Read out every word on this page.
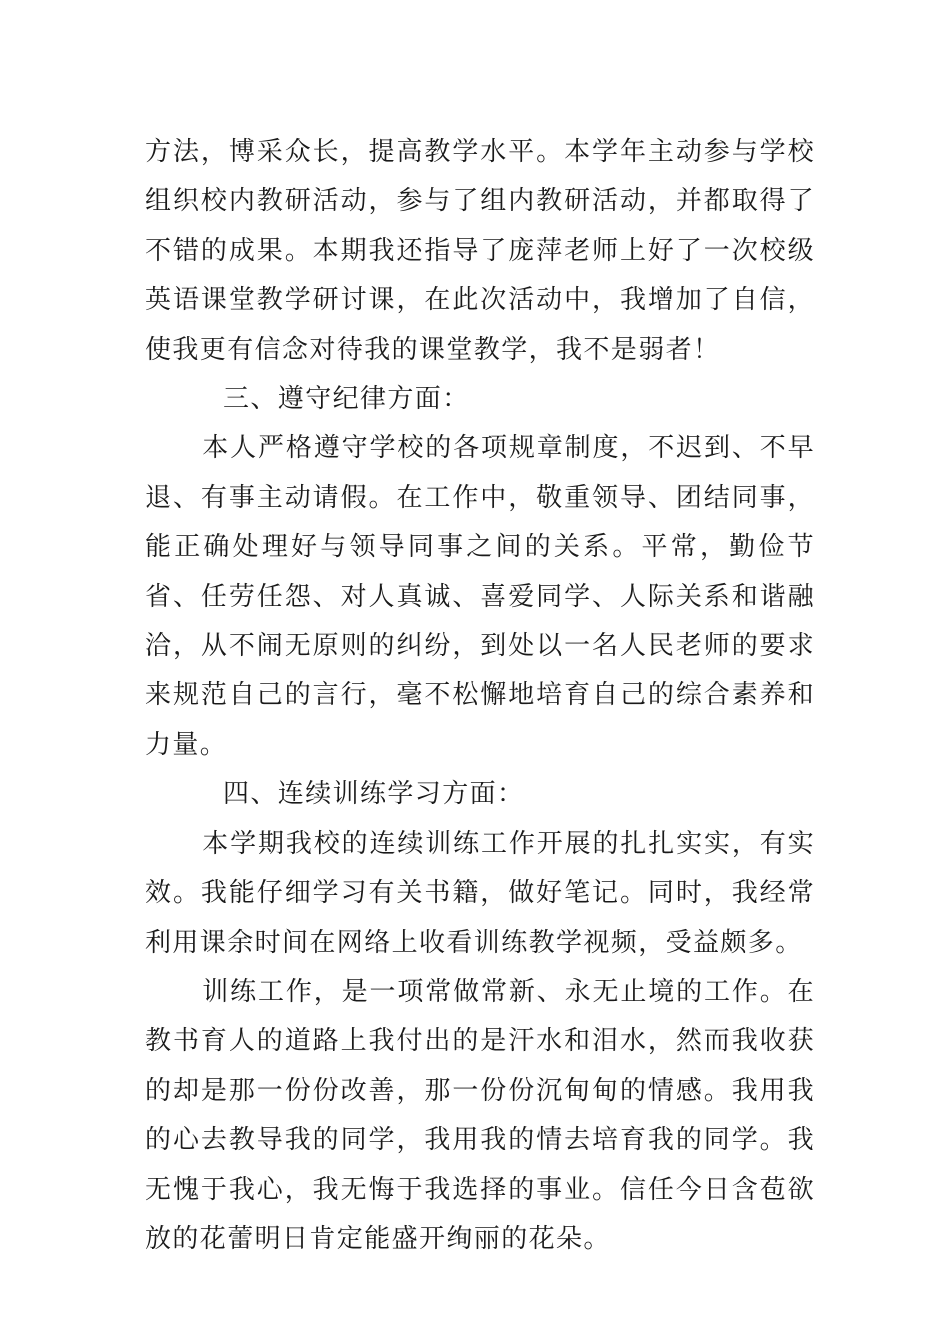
方法，博采众长，提高教学水平。本学年主动参与学校组织校内教研活动，参与了组内教研活动，并都取得了不错的成果。本期我还指导了庞萍老师上好了一次校级英语课堂教学研讨课，在此次活动中，我增加了自信，使我更有信念对待我的课堂教学，我不是弱者！

三、遵守纪律方面：

本人严格遵守学校的各项规章制度，不迟到、不早退、有事主动请假。在工作中，敬重领导、团结同事，能正确处理好与领导同事之间的关系。平常，勤俭节省、任劳任怨、对人真诚、喜爱同学、人际关系和谐融洽，从不闹无原则的纠纷，到处以一名人民老师的要求来规范自己的言行，毫不松懈地培育自己的综合素养和力量。

四、连续训练学习方面：

本学期我校的连续训练工作开展的扎扎实实，有实效。我能仔细学习有关书籍，做好笔记。同时，我经常利用课余时间在网络上收看训练教学视频，受益颇多。

训练工作，是一项常做常新、永无止境的工作。在教书育人的道路上我付出的是汗水和泪水，然而我收获的却是那一份份改善，那一份份沉甸甸的情感。我用我的心去教导我的同学，我用我的情去培育我的同学。我无愧于我心，我无悔于我选择的事业。信任今日含苞欲放的花蕾明日肯定能盛开绚丽的花朵。
